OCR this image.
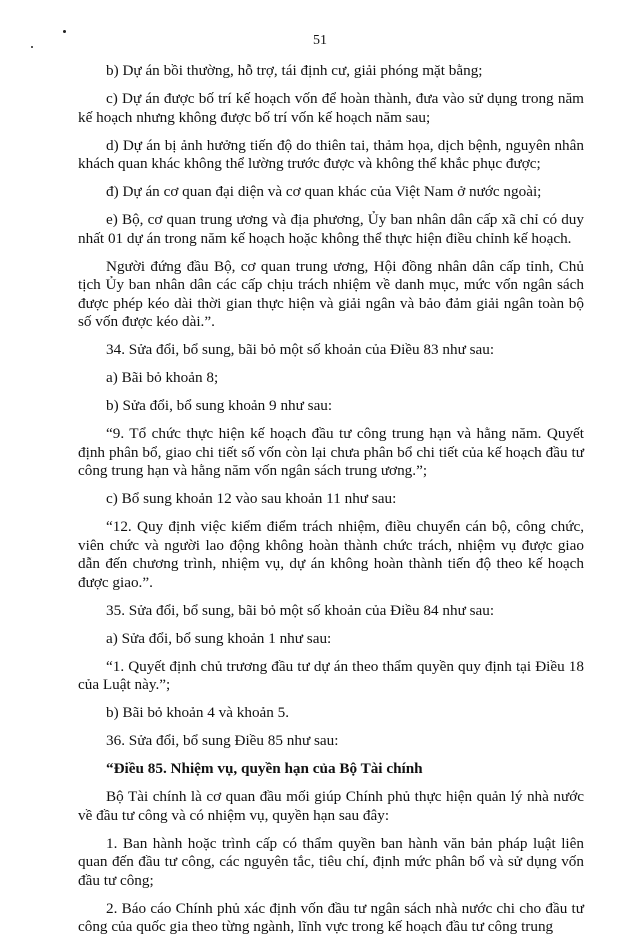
51

b) Dự án bồi thường, hỗ trợ, tái định cư, giải phóng mặt bằng;

c) Dự án được bố trí kế hoạch vốn để hoàn thành, đưa vào sử dụng trong năm kế hoạch nhưng không được bố trí vốn kế hoạch năm sau;

d) Dự án bị ảnh hưởng tiến độ do thiên tai, thảm họa, dịch bệnh, nguyên nhân khách quan khác không thể lường trước được và không thể khắc phục được;

đ) Dự án cơ quan đại diện và cơ quan khác của Việt Nam ở nước ngoài;

e) Bộ, cơ quan trung ương và địa phương, Ủy ban nhân dân cấp xã chỉ có duy nhất 01 dự án trong năm kế hoạch hoặc không thể thực hiện điều chỉnh kế hoạch.

Người đứng đầu Bộ, cơ quan trung ương, Hội đồng nhân dân cấp tỉnh, Chủ tịch Ủy ban nhân dân các cấp chịu trách nhiệm về danh mục, mức vốn ngân sách được phép kéo dài thời gian thực hiện và giải ngân và bảo đảm giải ngân toàn bộ số vốn được kéo dài.”.

34. Sửa đổi, bổ sung, bãi bỏ một số khoản của Điều 83 như sau:

a) Bãi bỏ khoản 8;

b) Sửa đổi, bổ sung khoản 9 như sau:

“9. Tổ chức thực hiện kế hoạch đầu tư công trung hạn và hằng năm. Quyết định phân bổ, giao chi tiết số vốn còn lại chưa phân bổ chi tiết của kế hoạch đầu tư công trung hạn và hằng năm vốn ngân sách trung ương.”;

c) Bổ sung khoản 12 vào sau khoản 11 như sau:

“12. Quy định việc kiểm điểm trách nhiệm, điều chuyển cán bộ, công chức, viên chức và người lao động không hoàn thành chức trách, nhiệm vụ được giao dẫn đến chương trình, nhiệm vụ, dự án không hoàn thành tiến độ theo kế hoạch được giao.”.

35. Sửa đổi, bổ sung, bãi bỏ một số khoản của Điều 84 như sau:

a) Sửa đổi, bổ sung khoản 1 như sau:

“1. Quyết định chủ trương đầu tư dự án theo thẩm quyền quy định tại Điều 18 của Luật này.”;

b) Bãi bỏ khoản 4 và khoản 5.

36. Sửa đổi, bổ sung Điều 85 như sau:

“Điều 85. Nhiệm vụ, quyền hạn của Bộ Tài chính

Bộ Tài chính là cơ quan đầu mối giúp Chính phủ thực hiện quản lý nhà nước về đầu tư công và có nhiệm vụ, quyền hạn sau đây:

1. Ban hành hoặc trình cấp có thẩm quyền ban hành văn bản pháp luật liên quan đến đầu tư công, các nguyên tắc, tiêu chí, định mức phân bổ và sử dụng vốn đầu tư công;

2. Báo cáo Chính phủ xác định vốn đầu tư ngân sách nhà nước chi cho đầu tư công của quốc gia theo từng ngành, lĩnh vực trong kế hoạch đầu tư công trung
